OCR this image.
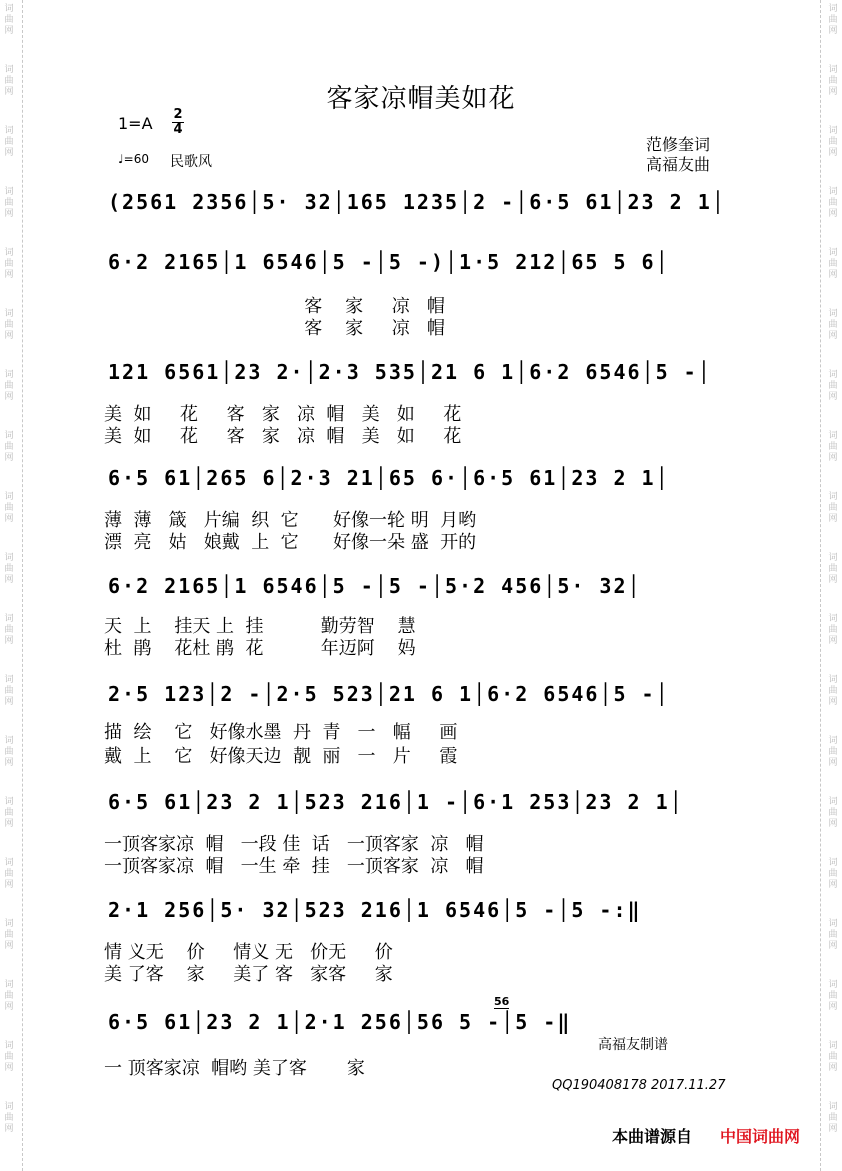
词
曲
网
词
曲
网
词
曲
网
词
曲
网
词
曲
网
词
曲
网
词
曲
网
词
曲
网
词
曲
网
词
曲
网
词
曲
网
词
曲
网
词
曲
网
词
曲
网
词
曲
网
词
曲
网
词
曲
网
词
曲
网
词
曲
网
词
曲
网
词
曲
网
词
曲
网
词
曲
网
词
曲
网
词
曲
网
词
曲
网
词
曲
网
词
曲
网
词
曲
网
词
曲
网
词
曲
网
词
曲
网
词
曲
网
词
曲
网
词
曲
网
词
曲
网
词
曲
网
词
曲
网
客家凉帽美如花
1=A 2
4
♩=60 民歌风
范修奎词
高福友曲
(2561 2356│5· 32│165 1235│2 -│6·5 61│23 2 1│
6·2 2165│1 6546│5 -│5 -)│1·5 212│65 5 6│
客    家     凉   帽
客    家     凉   帽
121 6561│23 2·│2·3 535│21 6 1│6·2 6546│5 -│
美  如     花     客   家   凉  帽   美   如     花
美  如     花     客   家   凉  帽   美   如     花
6·5 61│265 6│2·3 21│65 6·│6·5 61│23 2 1│
薄  薄   箴   片编  织  它      好像一轮 明  月哟
漂  亮   姑   娘戴  上  它      好像一朵 盛  开的
6·2 2165│1 6546│5 -│5 -│5·2 456│5· 32│
天  上    挂天 上  挂          勤劳智    慧
杜  鹃    花杜 鹃  花          年迈阿    妈
2·5 123│2 -│2·5 523│21 6 1│6·2 6546│5 -│
描  绘    它   好像水墨  丹  青   一   幅     画
戴  上    它   好像天边  靓  丽   一   片     霞
6·5 61│23 2 1│523 216│1 -│6·1 253│23 2 1│
一顶客家凉  帽   一段 佳  话   一顶客家  凉   帽
一顶客家凉  帽   一生 牵  挂   一顶客家  凉   帽
2·1 256│5· 32│523 216│1 6546│5 -│5 -:‖
情 义无    价     情义 无   价无     价
美 了客    家     美了 客   家客     家
56
6·5 61│23 2 1│2·1 256│56 5 -│5 -‖
一 顶客家凉  帽哟 美了客       家
高福友制谱
QQ190408178 2017.11.27
本曲谱源自 中国词曲网
